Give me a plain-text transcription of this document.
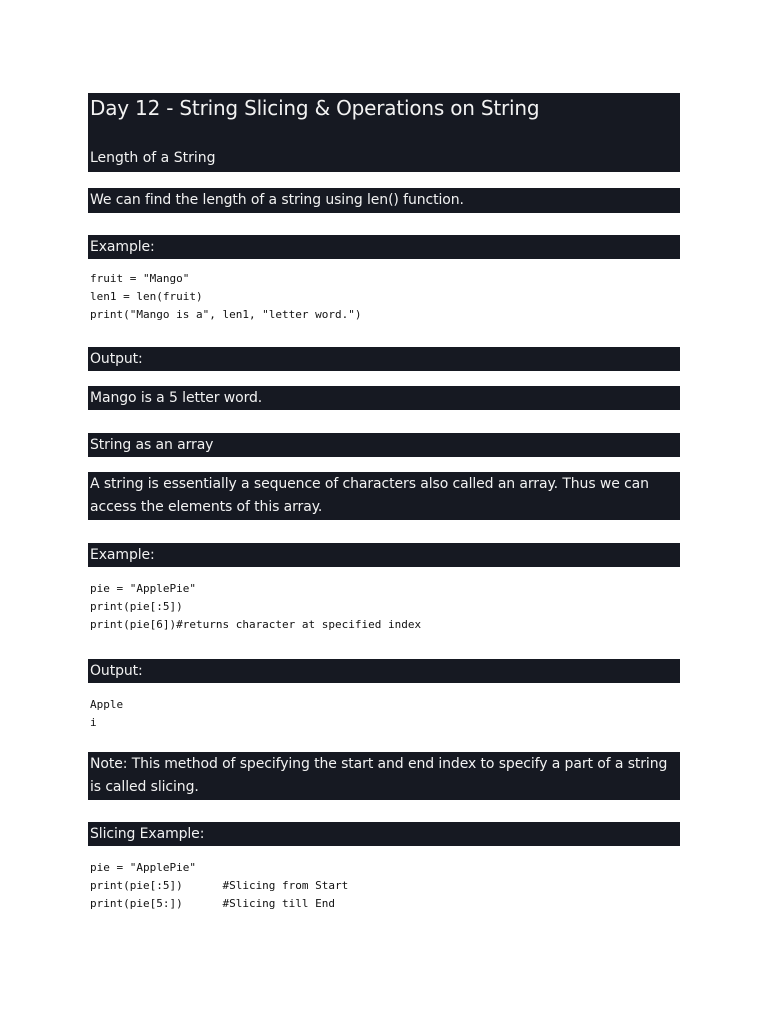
Day 12 - String Slicing & Operations on String
Length of a String
We can find the length of a string using len() function.
Example:
fruit = "Mango"
len1 = len(fruit)
print("Mango is a", len1, "letter word.")
Output:
Mango is a 5 letter word.
String as an array
A string is essentially a sequence of characters also called an array. Thus we can access the elements of this array.
Example:
pie = "ApplePie"
print(pie[:5])
print(pie[6])#returns character at specified index
Output:
Apple
i
Note: This method of specifying the start and end index to specify a part of a string is called slicing.
Slicing Example:
pie = "ApplePie"
print(pie[:5])      #Slicing from Start
print(pie[5:])      #Slicing till End
